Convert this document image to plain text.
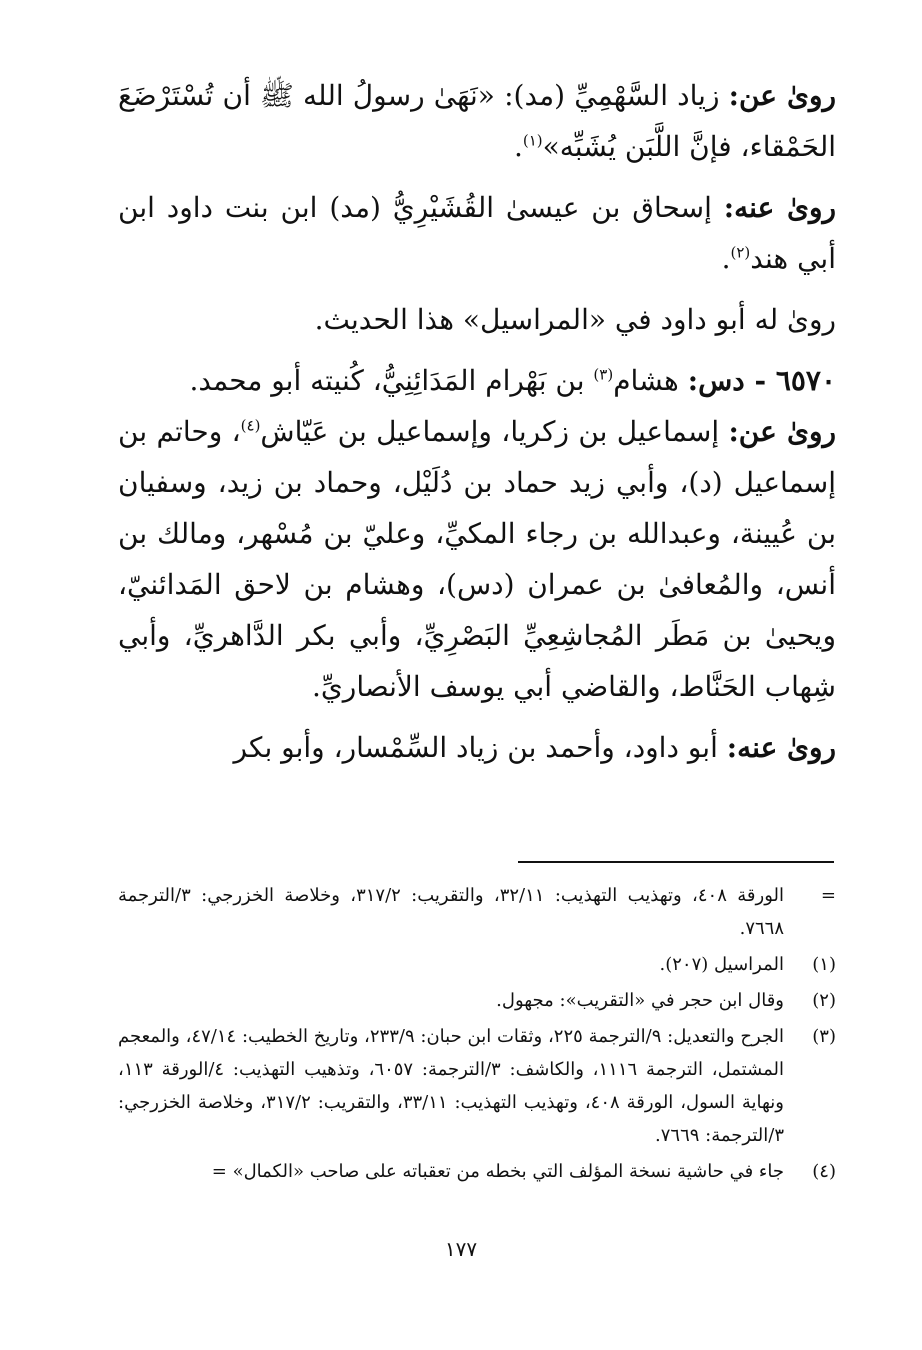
روىٰ عن: زياد السَّهْمِيِّ (مد): «نَهَىٰ رسولُ الله ﷺ أن تُسْتَرْضَعَ الحَمْقاء، فإنَّ اللَّبَن يُشَبِّه»$^{(١)}$.

روىٰ عنه: إسحاق بن عيسىٰ القُشَيْرِيُّ (مد) ابن بنت داود ابن أبي هند$^{(٢)}$.

روىٰ له أبو داود في «المراسيل» هذا الحديث.

٦٥٧٠ - دس: هشام$^{(٣)}$ بن بَهْرام المَدَائِنِيُّ، كُنيته أبو محمد.

روىٰ عن: إسماعيل بن زكريا، وإسماعيل بن عَيّاش$^{(٤)}$، وحاتم بن إسماعيل (د)، وأبي زيد حماد بن دُلَيْل، وحماد بن زيد، وسفيان بن عُيينة، وعبدالله بن رجاء المكيِّ، وعليّ بن مُسْهر، ومالك بن أنس، والمُعافىٰ بن عمران (دس)، وهشام بن لاحق المَدائنيّ، ويحيىٰ بن مَطَر المُجاشِعِيِّ البَصْرِيِّ، وأبي بكر الدَّاهريِّ، وأبي شِهاب الحَنَّاط، والقاضي أبي يوسف الأنصاريِّ.

روىٰ عنه: أبو داود، وأحمد بن زياد السِّمْسار، وأبو بكر

=
الورقة ٤٠٨، وتهذيب التهذيب: ٣٢/١١، والتقريب: ٣١٧/٢، وخلاصة الخزرجي: ٣/الترجمة ٧٦٦٨.
(١)
المراسيل (٢٠٧).
(٢)
وقال ابن حجر في «التقريب»: مجهول.
(٣)
الجرح والتعديل: ٩/الترجمة ٢٢٥، وثقات ابن حبان: ٢٣٣/٩، وتاريخ الخطيب: ٤٧/١٤، والمعجم المشتمل، الترجمة ١١١٦، والكاشف: ٣/الترجمة: ٦٠٥٧، وتذهيب التهذيب: ٤/الورقة ١١٣، ونهاية السول، الورقة ٤٠٨، وتهذيب التهذيب: ٣٣/١١، والتقريب: ٣١٧/٢، وخلاصة الخزرجي: ٣/الترجمة: ٧٦٦٩.
(٤)
جاء في حاشية نسخة المؤلف التي بخطه من تعقباته على صاحب «الكمال» =
١٧٧
